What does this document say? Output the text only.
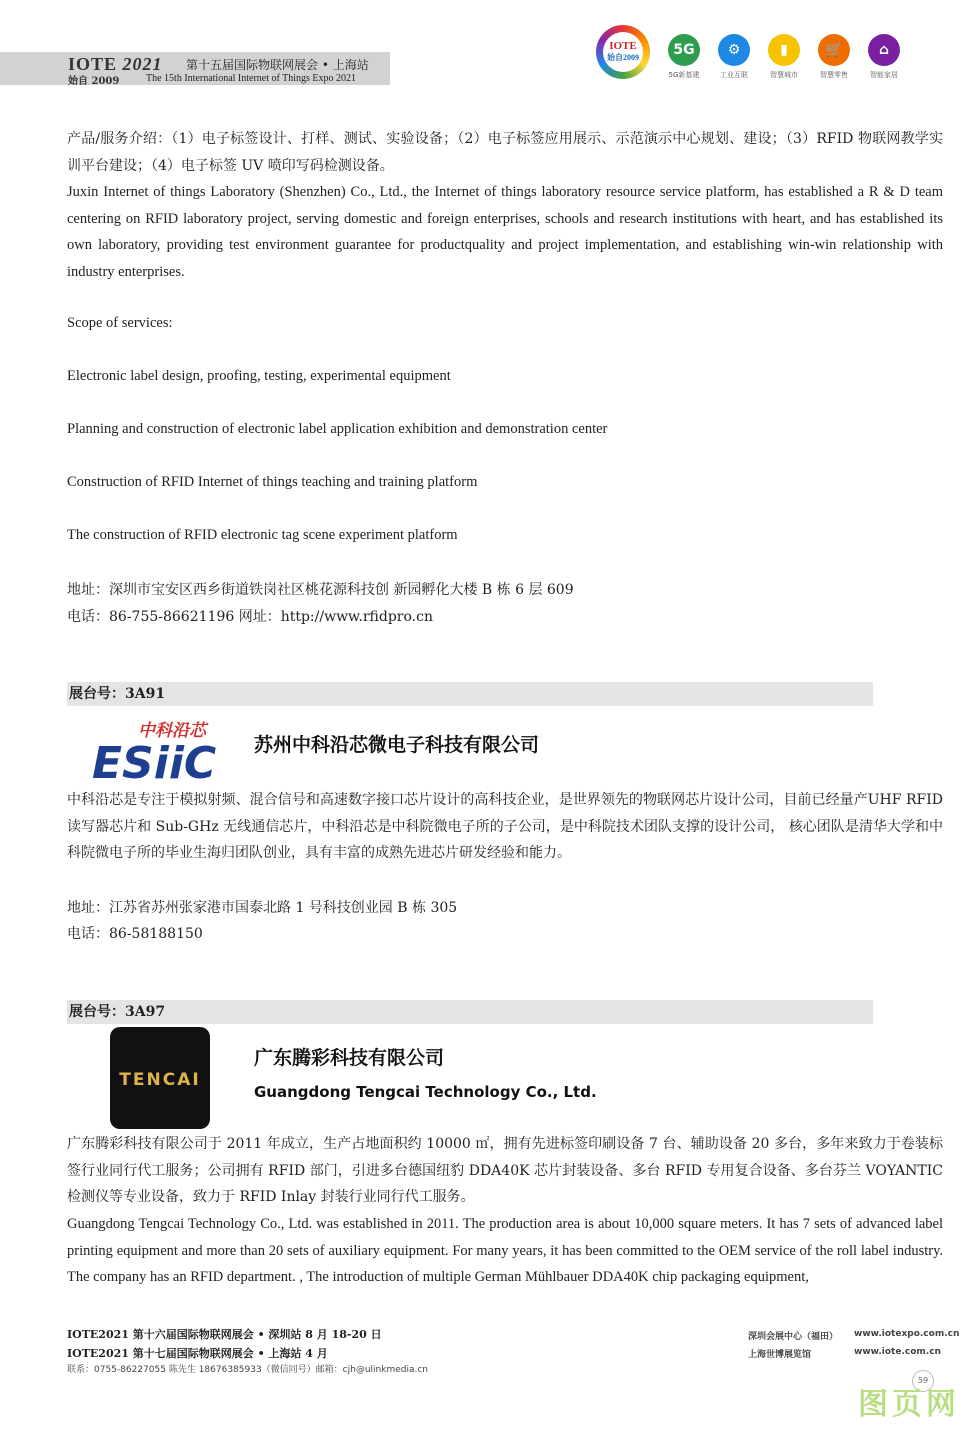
IOTE 2021
始自 2009
第十五届国际物联网展会 • 上海站
The 15th International Internet of Things Expo 2021
IOTE
始自2009	5G
5G新基建
⚙
工业互联
▮
智慧城市
🛒
智慧零售
⌂
智能家居
产品/服务介绍：（1）电子标签设计、打样、测试、实验设备；（2）电子标签应用展示、示范演示中心规划、建设；（3）RFID 物联网教学实训平台建设；（4）电子标签 UV 喷印写码检测设备。
Juxin Internet of things Laboratory (Shenzhen) Co., Ltd., the Internet of things laboratory resource service platform, has established a R & D team centering on RFID laboratory project, serving domestic and foreign enterprises, schools and research institutions with heart, and has established its own laboratory, providing test environment guarantee for productquality and project implementation, and establishing win-win relationship with industry enterprises.
Scope of services:
Electronic label design, proofing, testing, experimental equipment
Planning and construction of electronic label application exhibition and demonstration center
Construction of RFID Internet of things teaching and training platform
The construction of RFID electronic tag scene experiment platform
地址：深圳市宝安区西乡街道铁岗社区桃花源科技创 新园孵化大楼 B 栋 6 层 609
电话：86-755-86621196 网址：http://www.rfidpro.cn
展台号：3A91
中科沿芯
ESiiC 苏州中科沿芯微电子科技有限公司
中科沿芯是专注于模拟射频、混合信号和高速数字接口芯片设计的高科技企业，是世界领先的物联网芯片设计公司，目前已经量产UHF RFID 读写器芯片和 Sub-GHz 无线通信芯片，中科沿芯是中科院微电子所的子公司，是中科院技术团队支撑的设计公司， 核心团队是清华大学和中科院微电子所的毕业生海归团队创业，具有丰富的成熟先进芯片研发经验和能力。
地址：江苏省苏州张家港市国泰北路 1 号科技创业园 B 栋 305
电话：86-58188150
展台号：3A97
TENCAI
广东腾彩科技有限公司
Guangdong Tengcai Technology Co., Ltd.
广东腾彩科技有限公司于 2011 年成立，生产占地面积约 10000 ㎡，拥有先进标签印刷设备 7 台、辅助设备 20 多台，多年来致力于卷装标签行业同行代工服务；公司拥有 RFID 部门，引进多台德国纽豹 DDA40K 芯片封装设备、多台 RFID 专用复合设备、多台芬兰 VOYANTIC 检测仪等专业设备，致力于 RFID Inlay 封装行业同行代工服务。
Guangdong Tengcai Technology Co., Ltd. was established in 2011. The production area is about 10,000 square meters. It has 7 sets of advanced label printing equipment and more than 20 sets of auxiliary equipment. For many years, it has been committed to the OEM service of the roll label industry. The company has an RFID department. , The introduction of multiple German Mühlbauer DDA40K chip packaging equipment,
IOTE2021 第十六届国际物联网展会 • 深圳站 8 月 18-20 日
IOTE2021 第十七届国际物联网展会 • 上海站 4 月
联系：0755-86227055 陈先生 18676385933（微信同号）邮箱：cjh@ulinkmedia.cn
深圳会展中心（福田） www.iotexpo.com.cn
上海世博展览馆	www.iote.com.cn
59
图页网
